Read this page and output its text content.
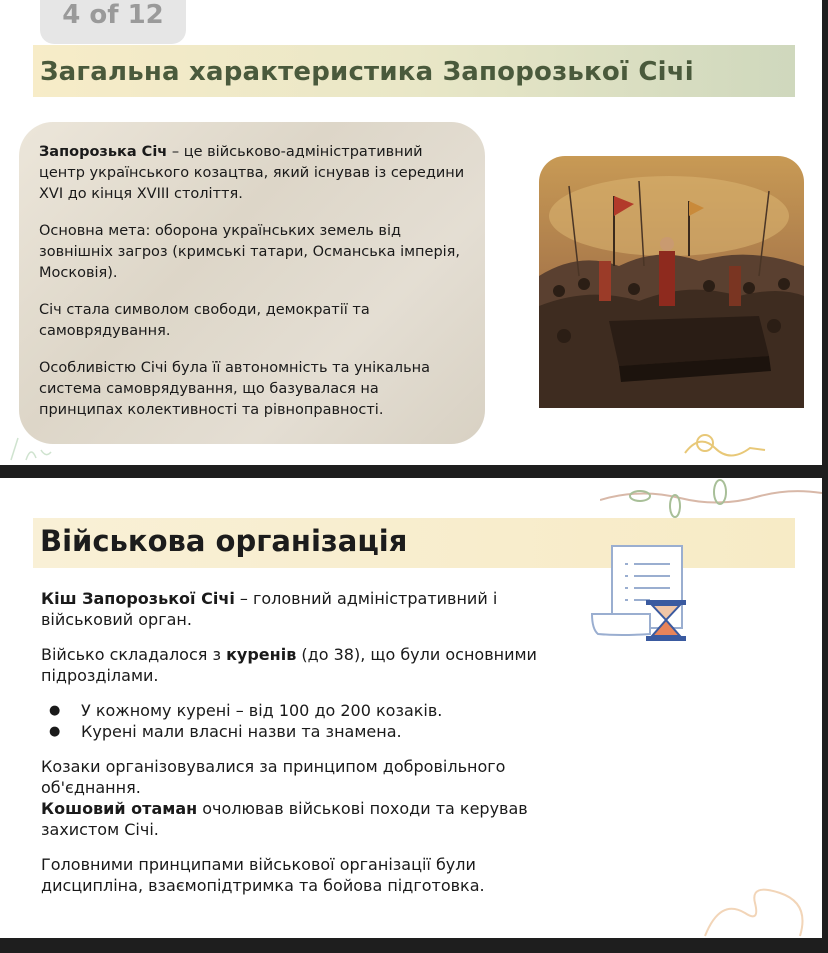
Загальна характеристика Запорозької Січі

Запорозька Січ – це військово-адміністративний центр українського козацтва, який існував із середини XVI до кінця XVIII століття.

Основна мета: оборона українських земель від зовнішніх загроз (кримські татари, Османська імперія, Московія).

Січ стала символом свободи, демократії та самоврядування.

Особливістю Січі була її автономність та унікальна система самоврядування, що базувалася на принципах колективності та рівноправності.

Військова організація

Кіш Запорозької Січі – головний адміністративний і військовий орган.

Військо складалося з куренів (до 38), що були основними підрозділами.

● У кожному курені – від 100 до 200 козаків.
● Курені мали власні назви та знамена.

Козаки організовувалися за принципом добровільного об'єднання.
Кошовий отаман очолював військові походи та керував захистом Січі.

Головними принципами військової організації були дисципліна, взаємопідтримка та бойова підготовка.

4 of 12
